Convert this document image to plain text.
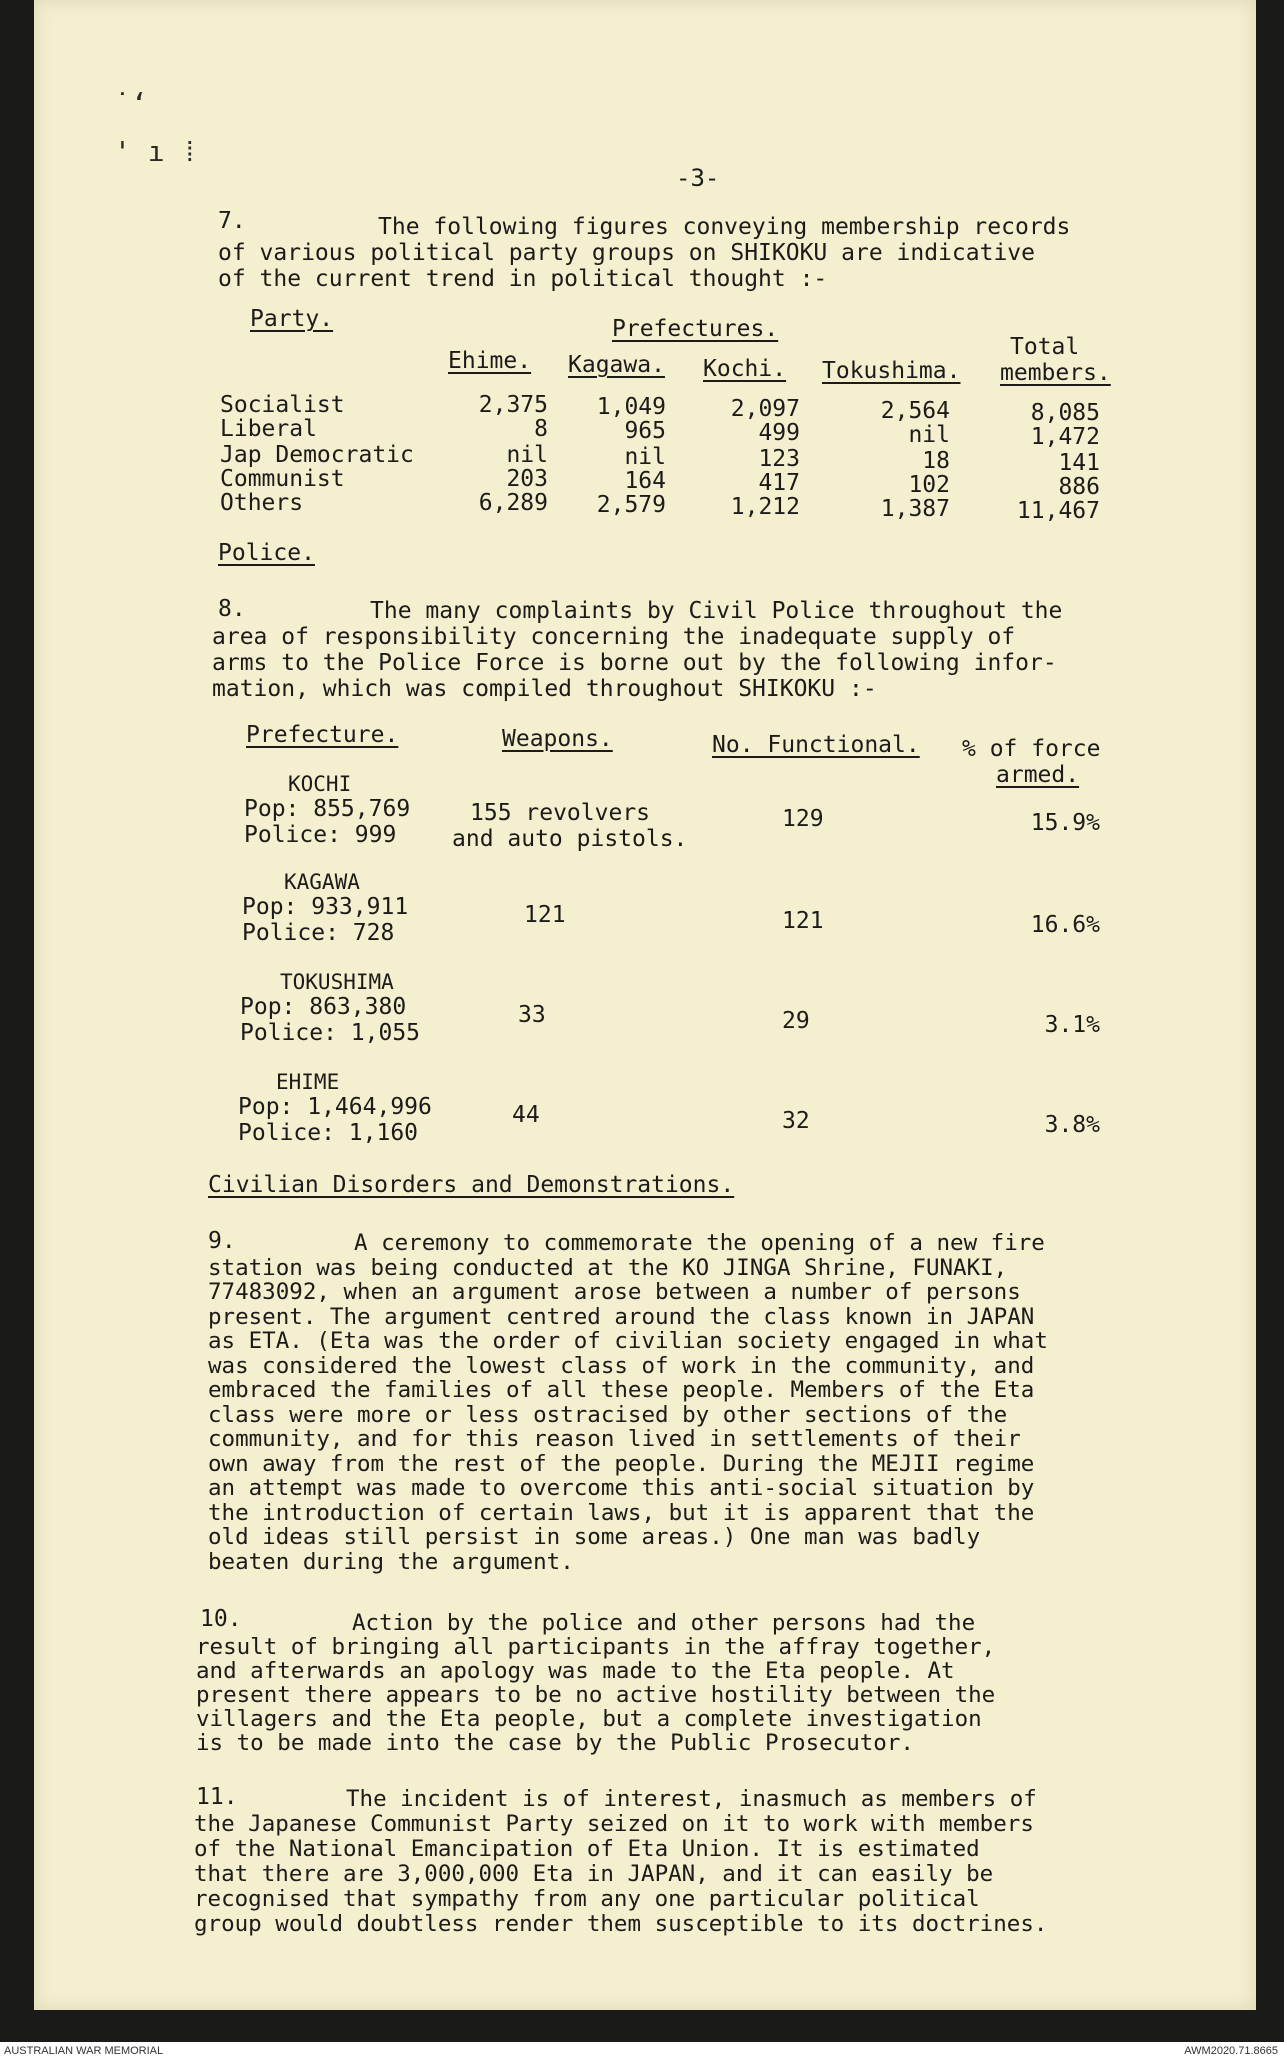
˙‘
' ı ⁞
-3-
7.	The following figures conveying membership records
of various political party groups on SHIKOKU are indicative
of the current trend in political thought :-
Party.	Prefectures.
Total
Ehime. Kagawa. Kochi. Tokushima. members.
Socialist	2,375	1,049	2,097	2,564	8,085
Liberal	8	965	499	nil	1,472
Jap Democratic	nil	nil	123	18	141
Communist	203	164	417	102	886
Others	6,289	2,579	1,212	1,387	11,467
Police.
8.	The many complaints by Civil Police throughout the
area of responsibility concerning the inadequate supply of
arms to the Police Force is borne out by the following infor-
mation, which was compiled throughout SHIKOKU :-
Prefecture.	Weapons.	No. Functional. % of force
armed.
KOCHI
Pop: 855,769
Police: 999
155 revolvers
and auto pistols.
129	15.9%
KAGAWA
Pop: 933,911
Police: 728
121	121	16.6%
TOKUSHIMA
Pop: 863,380
Police: 1,055
33	29	3.1%
EHIME
Pop: 1,464,996
Police: 1,160
44	32	3.8%
Civilian Disorders and Demonstrations.
9.	A ceremony to commemorate the opening of a new fire
station was being conducted at the KO JINGA Shrine, FUNAKI,
77483092, when an argument arose between a number of persons
present. The argument centred around the class known in JAPAN
as ETA. (Eta was the order of civilian society engaged in what
was considered the lowest class of work in the community, and
embraced the families of all these people. Members of the Eta
class were more or less ostracised by other sections of the
community, and for this reason lived in settlements of their
own away from the rest of the people. During the MEJII regime
an attempt was made to overcome this anti-social situation by
the introduction of certain laws, but it is apparent that the
old ideas still persist in some areas.) One man was badly
beaten during the argument.
10.	Action by the police and other persons had the
result of bringing all participants in the affray together,
and afterwards an apology was made to the Eta people. At
present there appears to be no active hostility between the
villagers and the Eta people, but a complete investigation
is to be made into the case by the Public Prosecutor.
11.	The incident is of interest, inasmuch as members of
the Japanese Communist Party seized on it to work with members
of the National Emancipation of Eta Union. It is estimated
that there are 3,000,000 Eta in JAPAN, and it can easily be
recognised that sympathy from any one particular political
group would doubtless render them susceptible to its doctrines.
AUSTRALIAN WAR MEMORIAL	AWM2020.71.8665
